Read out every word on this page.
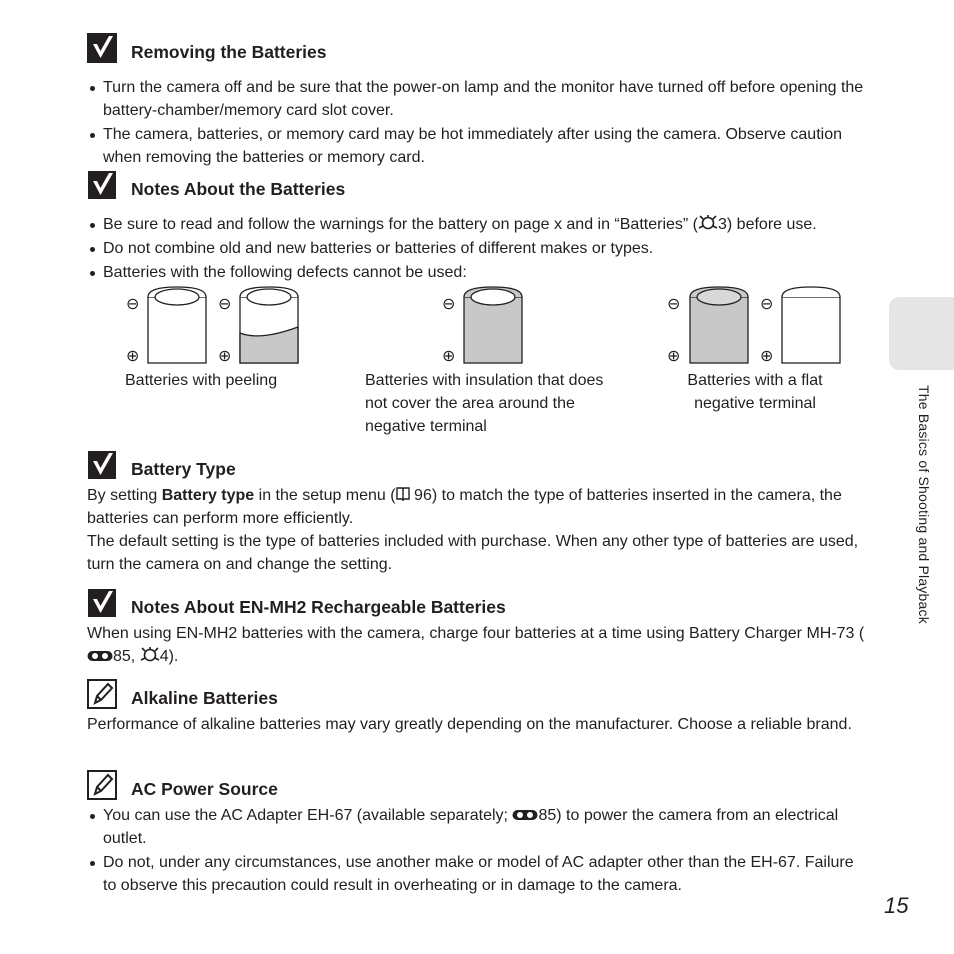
Removing the Batteries
Turn the camera off and be sure that the power-on lamp and the monitor have turned off before opening the battery-chamber/memory card slot cover.
The camera, batteries, or memory card may be hot immediately after using the camera. Observe caution when removing the batteries or memory card.
Notes About the Batteries
Be sure to read and follow the warnings for the battery on page x and in “Batteries” ( 3) before use.
Do not combine old and new batteries or batteries of different makes or types.
Batteries with the following defects cannot be used:
⊖
⊕
⊖
⊕
⊖
⊕
⊖
⊕
⊖
⊕

Batteries with peeling	Batteries with insulation that does not cover the area around the negative terminal

Batteries with a flat negative terminal

Battery Type

By setting Battery type in the setup menu ( 96) to match the type of batteries inserted in the camera, the batteries can perform more efficiently.

The default setting is the type of batteries included with purchase. When any other type of batteries are used, turn the camera on and change the setting.

Notes About EN-MH2 Rechargeable Batteries

When using EN-MH2 batteries with the camera, charge four batteries at a time using Battery Charger MH-73 (85, 4).

Alkaline Batteries

Performance of alkaline batteries may vary greatly depending on the manufacturer. Choose a reliable brand.

AC Power Source
You can use the AC Adapter EH-67 (available separately; 85) to power the camera from an electrical outlet.
Do not, under any circumstances, use another make or model of AC adapter other than the EH-67. Failure to observe this precaution could result in overheating or in damage to the camera.
The Basics of Shooting and Playback
15
